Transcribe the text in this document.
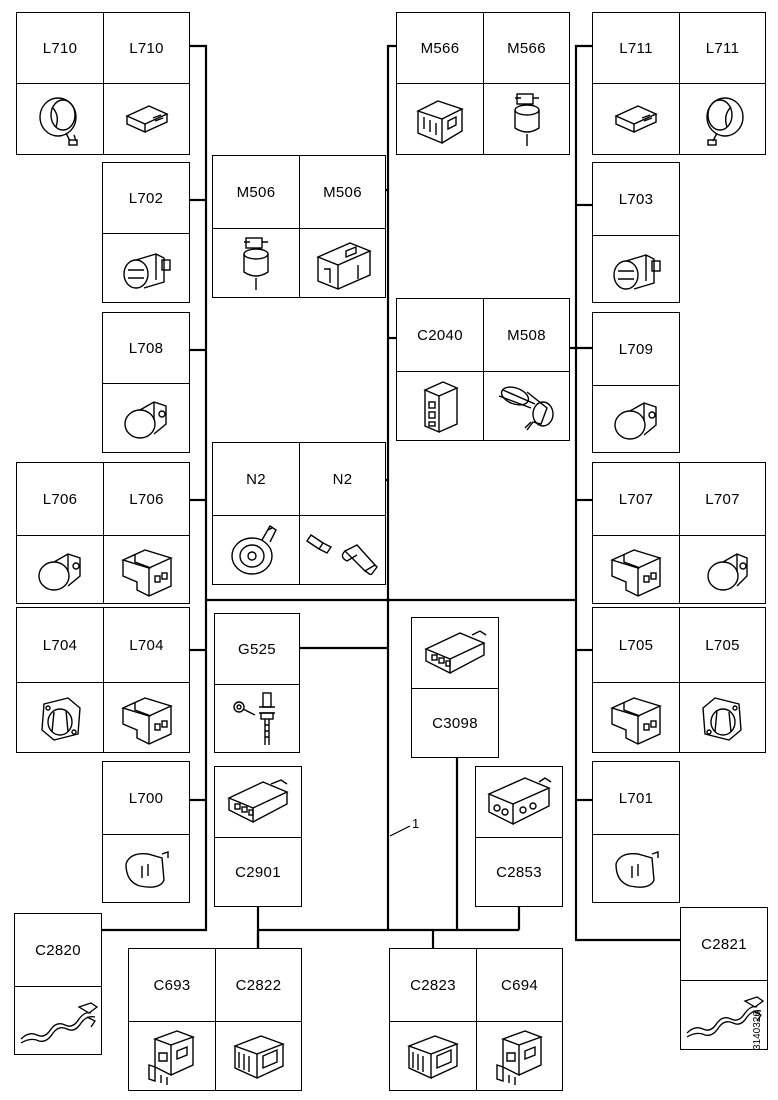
1
L710	L710	M566	M566	L711	L711
L702	M506	M506	L703
L708
C2040	M508
L709
N2	N2
L706	L706	L707	L707
L704	L704	G525
C3098
L705	L705
L700
C2901	C2853
L701
C2820	C2821
C693	C2822	C2823	C694
3140326
